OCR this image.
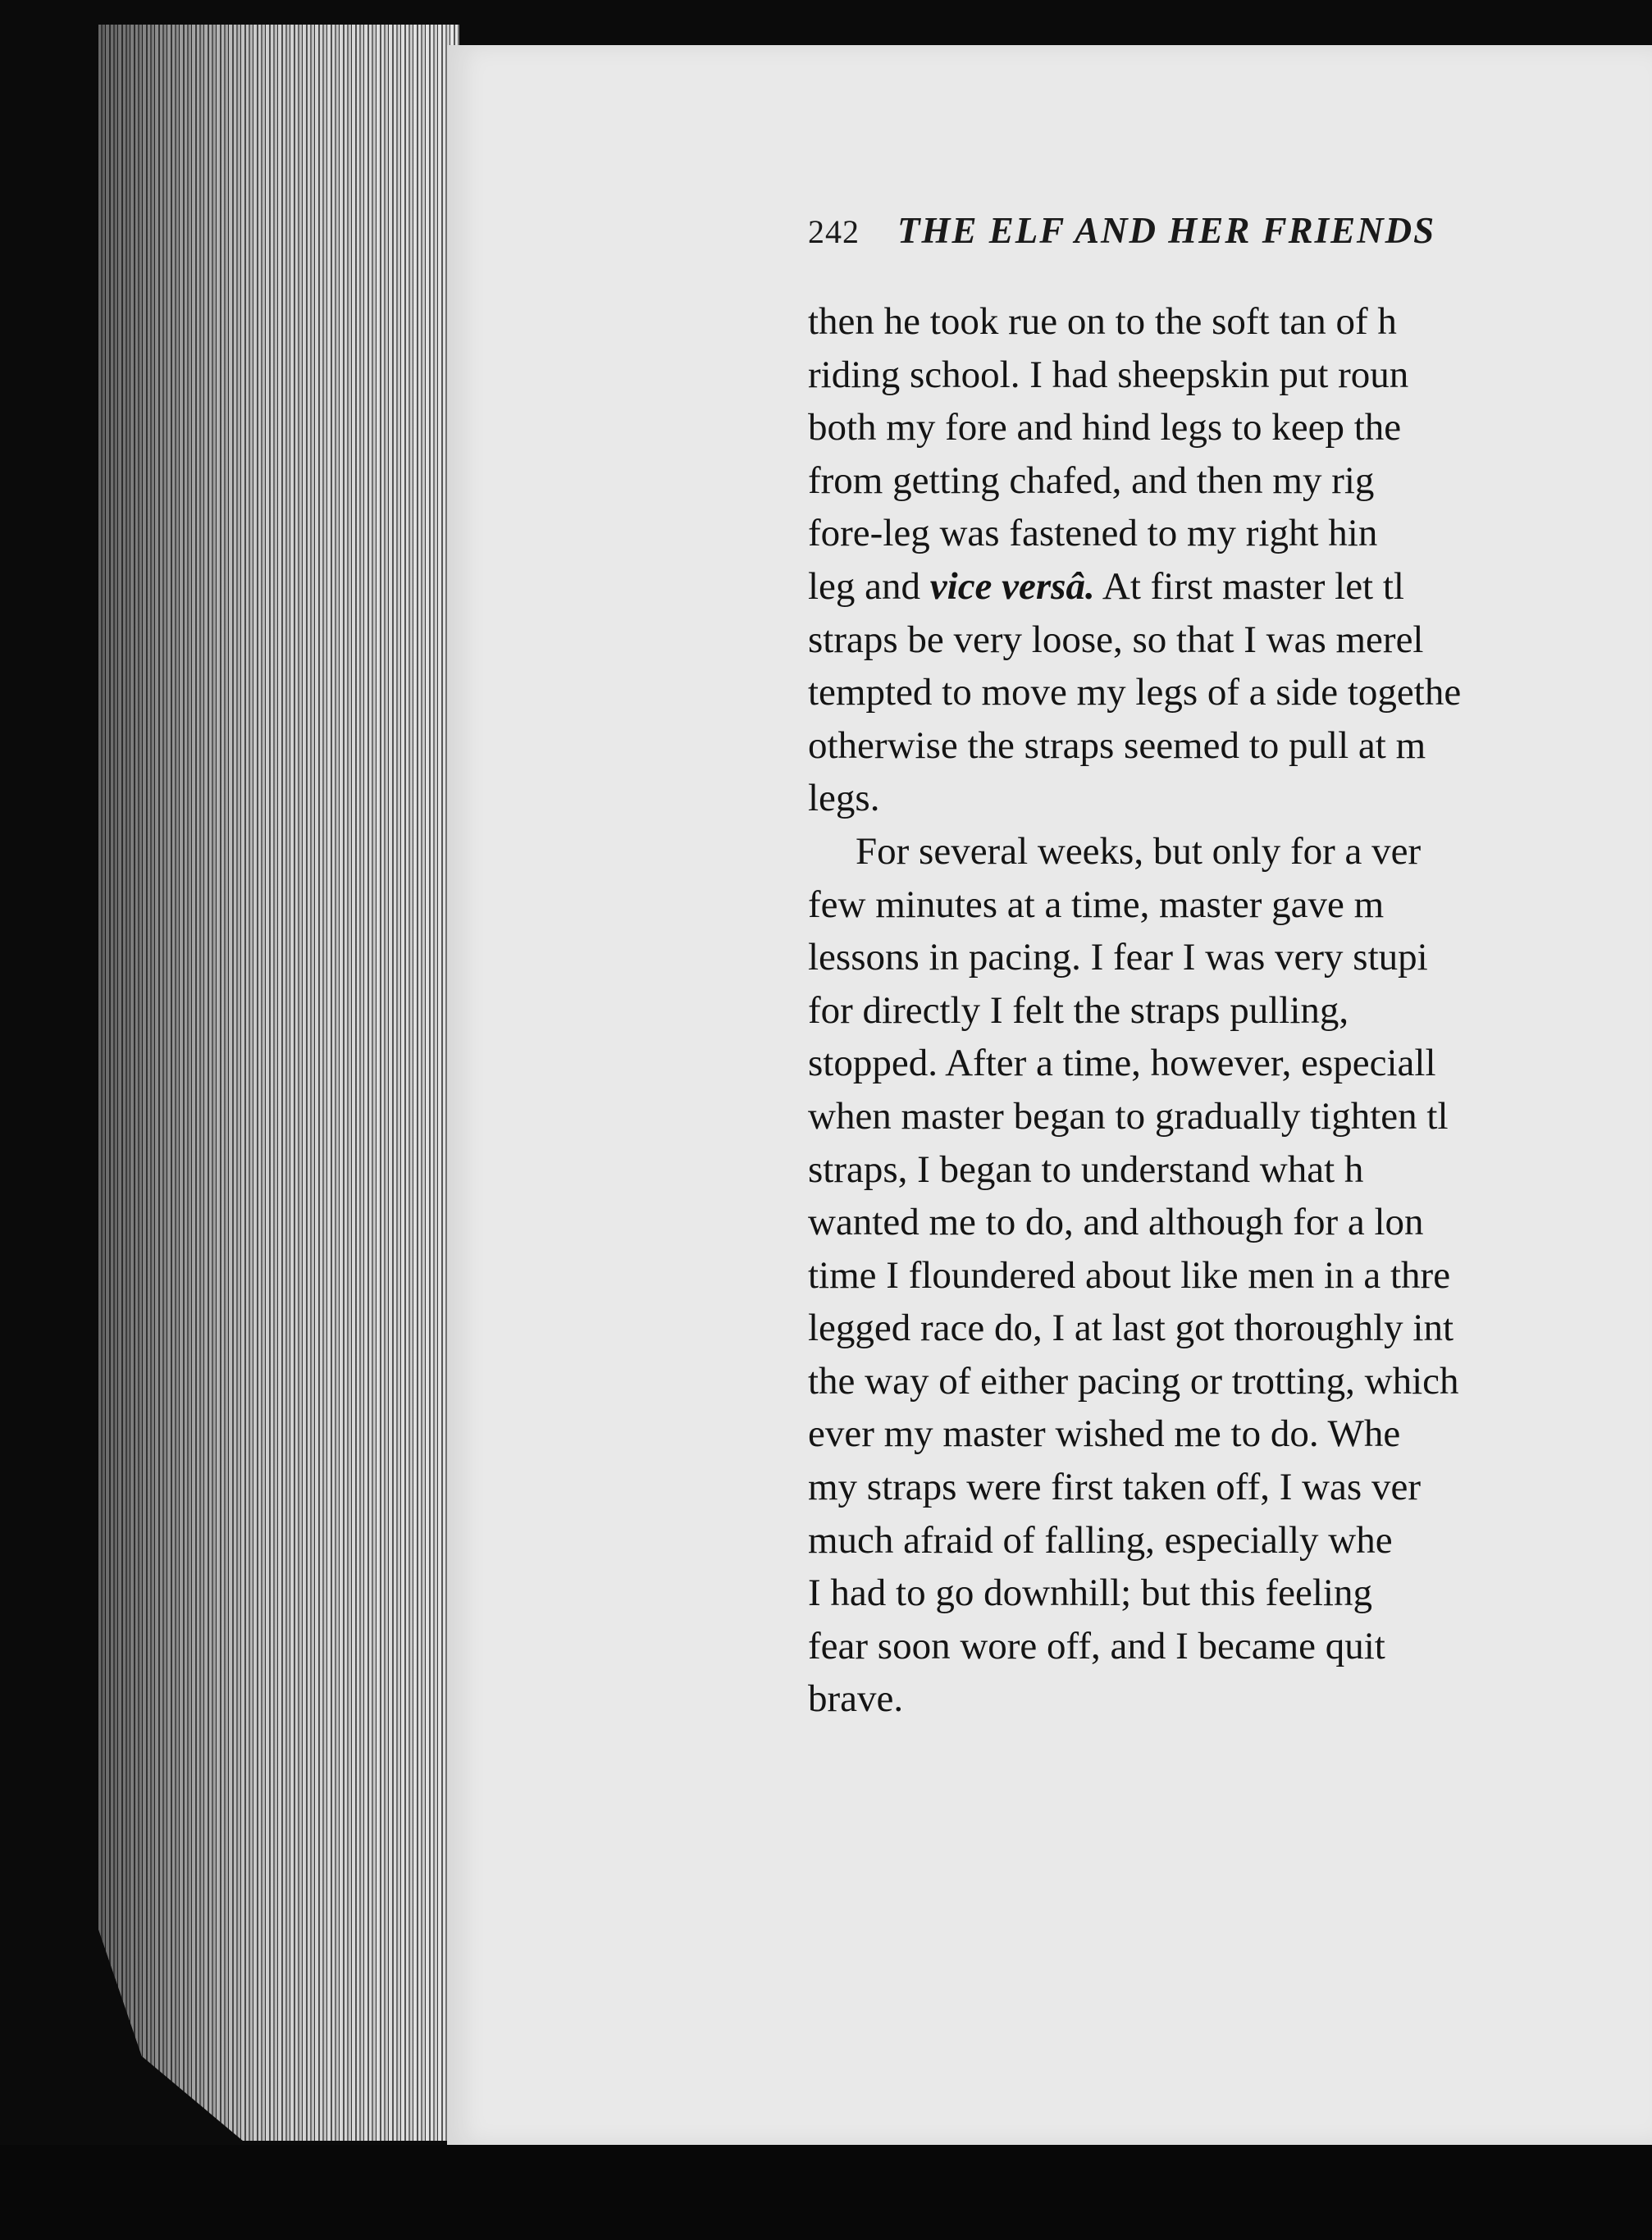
242 THE ELF AND HER FRIENDS
then he took rue on to the soft tan of h
riding school. I had sheepskin put roun
both my fore and hind legs to keep the
from getting chafed, and then my rig
fore-leg was fastened to my right hin
leg and vice versâ. At first master let tl
straps be very loose, so that I was merel
tempted to move my legs of a side togethe
otherwise the straps seemed to pull at m
legs.
For several weeks, but only for a ver
few minutes at a time, master gave m
lessons in pacing. I fear I was very stupi
for directly I felt the straps pulling,
stopped. After a time, however, especiall
when master began to gradually tighten tl
straps, I began to understand what h
wanted me to do, and although for a lon
time I floundered about like men in a thre
legged race do, I at last got thoroughly int
the way of either pacing or trotting, which
ever my master wished me to do. Whe
my straps were first taken off, I was ver
much afraid of falling, especially whe
I had to go downhill; but this feeling
fear soon wore off, and I became quit
brave.
